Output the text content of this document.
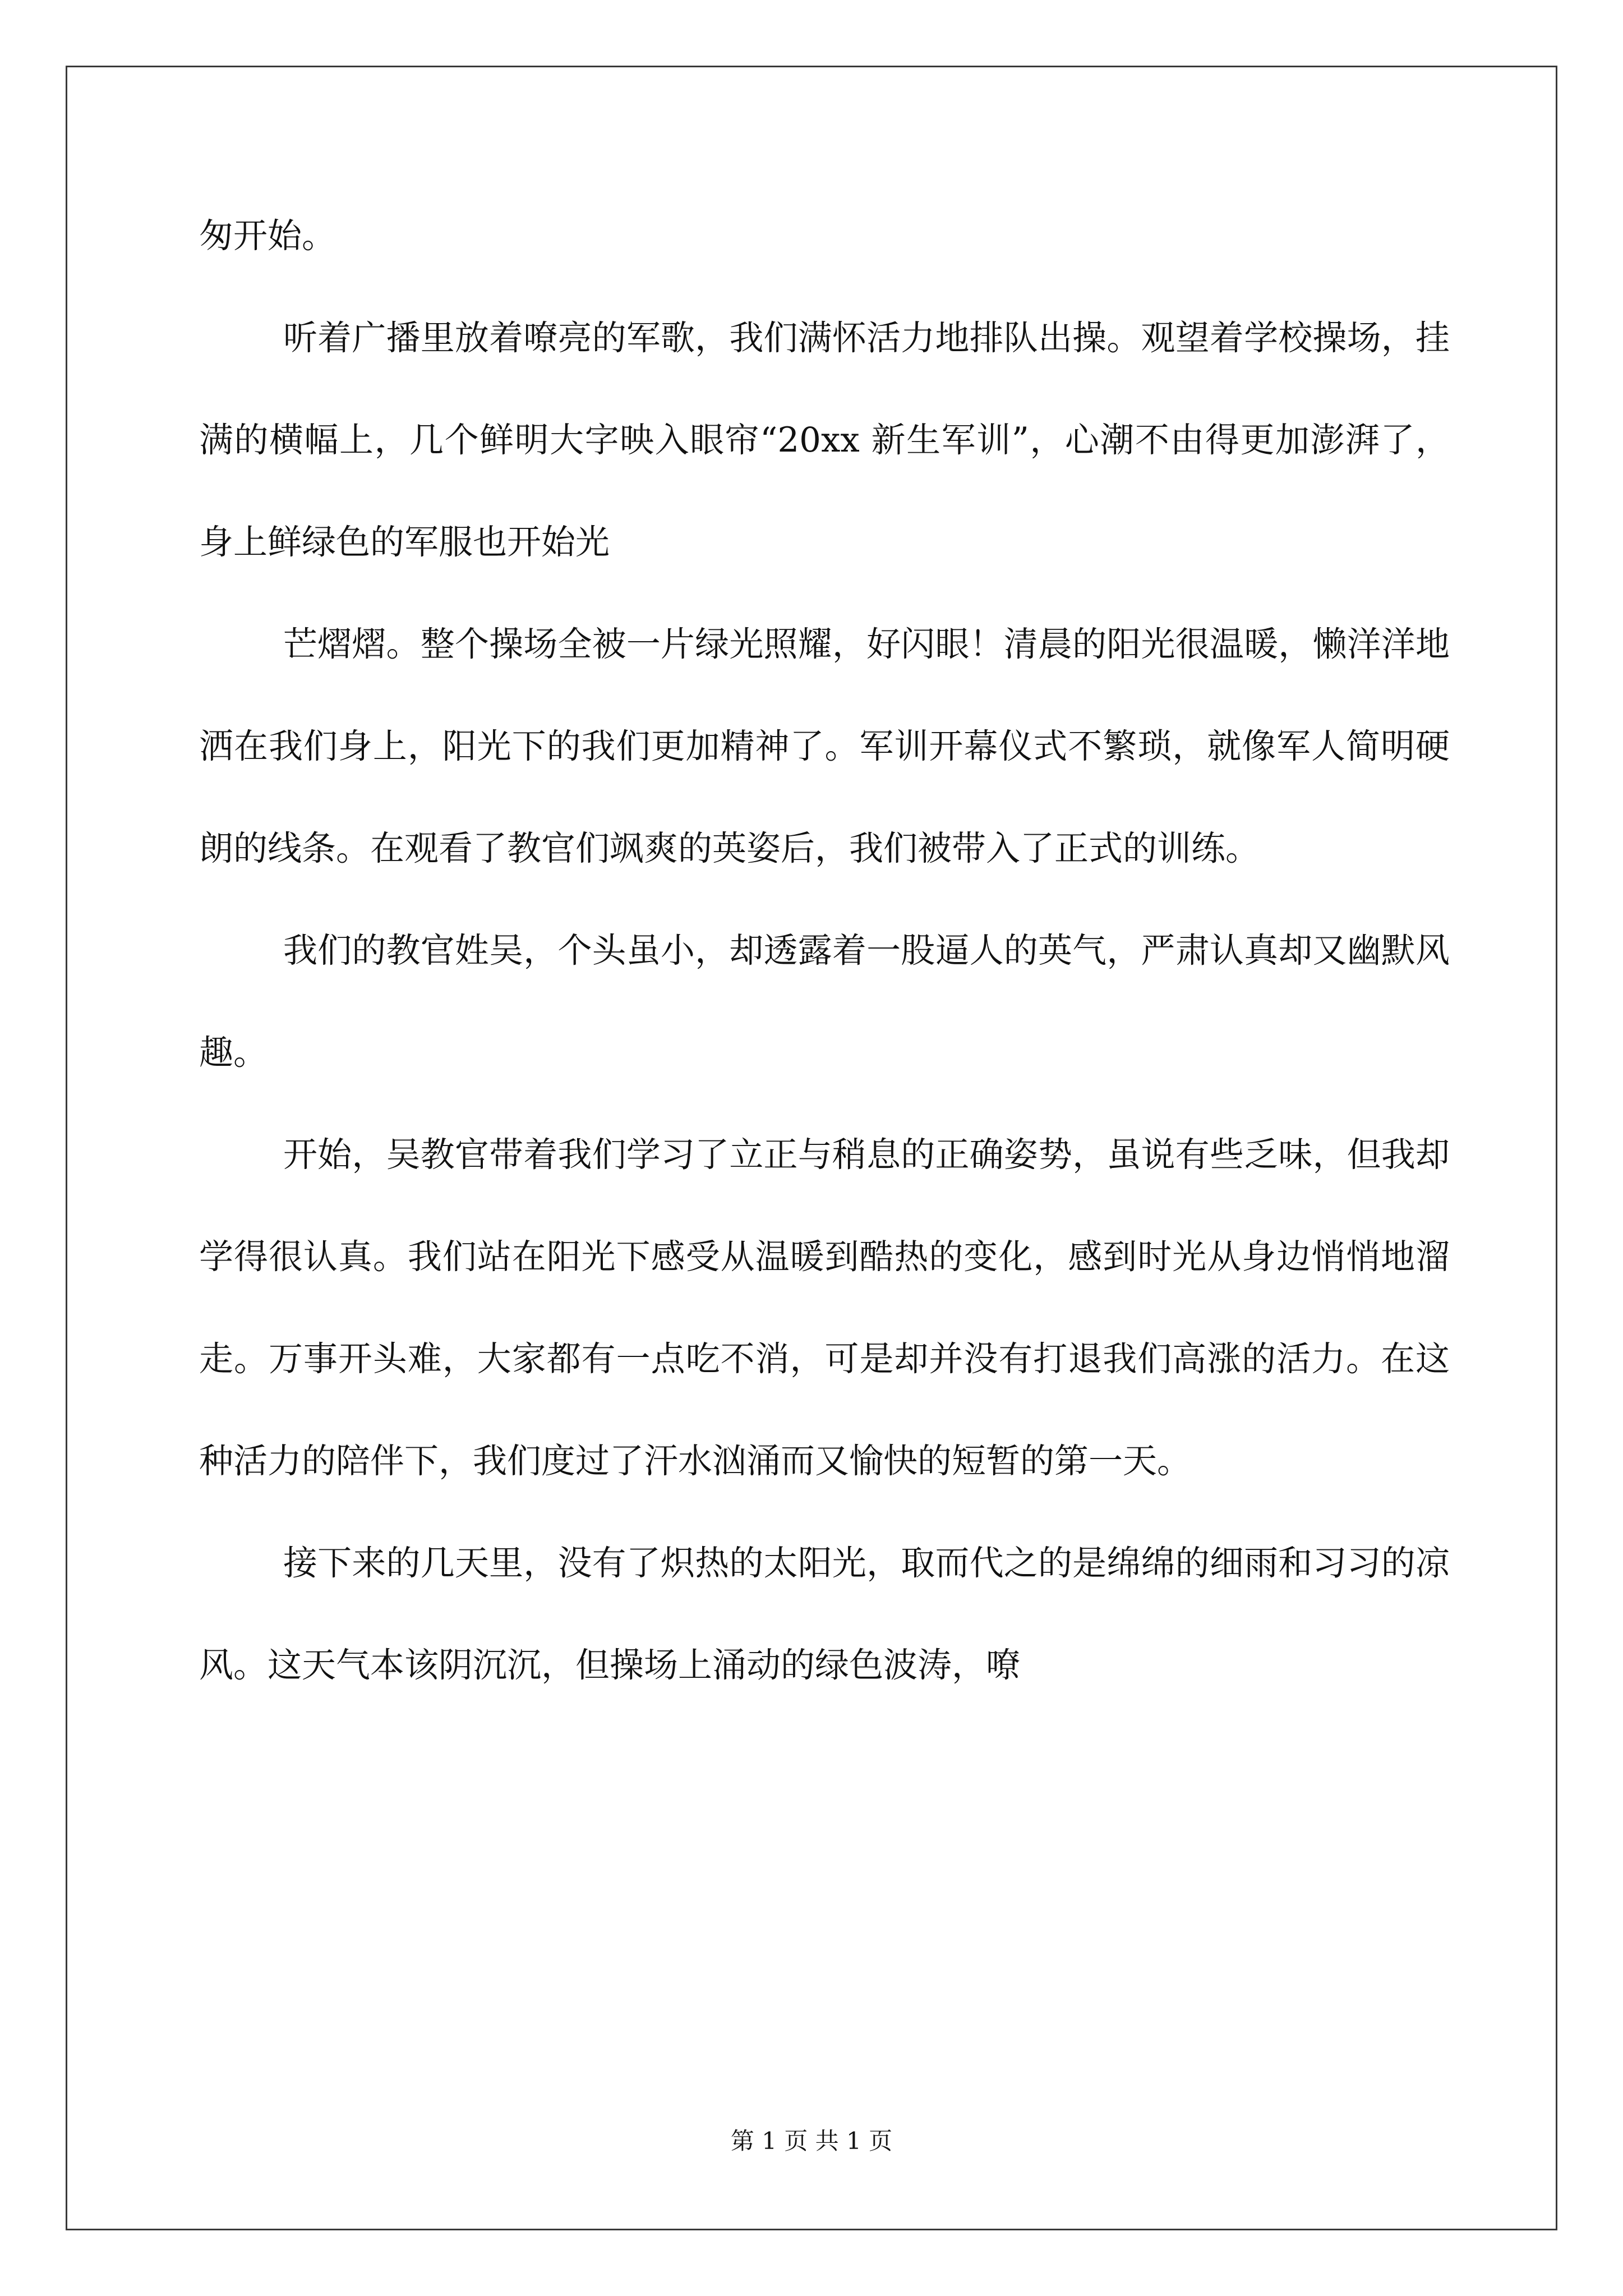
匆开始。

听着广播里放着嘹亮的军歌，我们满怀活力地排队出操。观望着学校操场，挂满的横幅上，几个鲜明大字映入眼帘“20xx 新生军训”，心潮不由得更加澎湃了，身上鲜绿色的军服也开始光

芒熠熠。整个操场全被一片绿光照耀，好闪眼！清晨的阳光很温暖，懒洋洋地洒在我们身上，阳光下的我们更加精神了。军训开幕仪式不繁琐，就像军人简明硬朗的线条。在观看了教官们飒爽的英姿后，我们被带入了正式的训练。

我们的教官姓吴，个头虽小，却透露着一股逼人的英气，严肃认真却又幽默风趣。

开始，吴教官带着我们学习了立正与稍息的正确姿势，虽说有些乏味，但我却学得很认真。我们站在阳光下感受从温暖到酷热的变化，感到时光从身边悄悄地溜走。万事开头难，大家都有一点吃不消，可是却并没有打退我们高涨的活力。在这种活力的陪伴下，我们度过了汗水汹涌而又愉快的短暂的第一天。

接下来的几天里，没有了炽热的太阳光，取而代之的是绵绵的细雨和习习的凉风。这天气本该阴沉沉，但操场上涌动的绿色波涛，嘹

第 1 页 共 1 页
